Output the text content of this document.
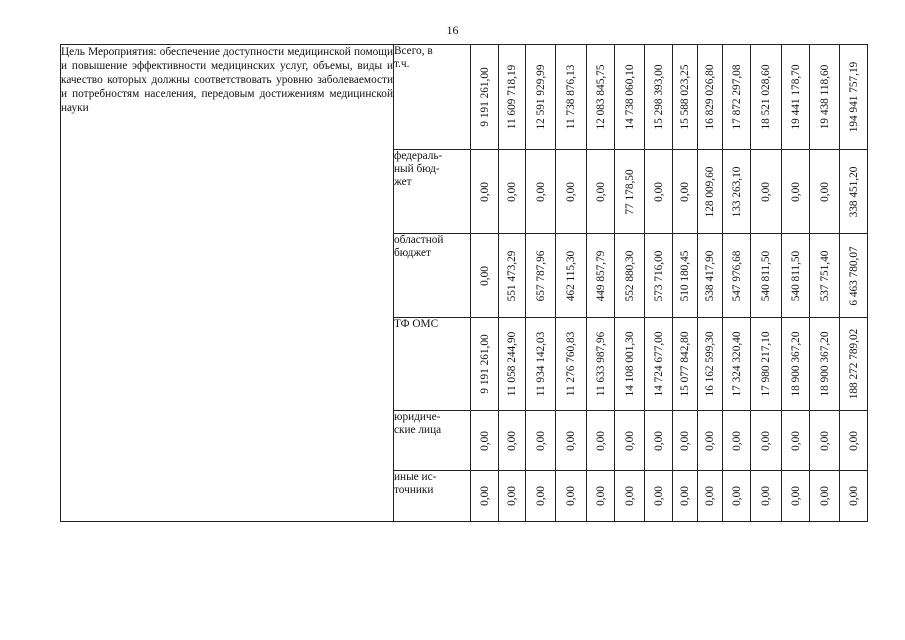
16
Цель Мероприятия: обеспечение доступности медицинской помощи и повышение эффективности медицинских услуг, объемы, виды и качество которых должны соответствовать уровню заболеваемости и потребностям населения, передовым достижениям медицинской науки	Всего, в
т.ч.	9 191 261,00	11 609 718,19	12 591 929,99	11 738 876,13	12 083 845,75	14 738 060,10	15 298 393,00	15 588 023,25	16 829 026,80	17 872 297,08	18 521 028,60	19 441 178,70	19 438 118,60	194 941 757,19

	федераль-
ный бюд-
жет	0,00	0,00	0,00	0,00	0,00	77 178,50	0,00	0,00	128 009,60	133 263,10	0,00	0,00	0,00	338 451,20

	областной
бюджет	0,00	551 473,29	657 787,96	462 115,30	449 857,79	552 880,30	573 716,00	510 180,45	538 417,90	547 976,68	540 811,50	540 811,50	537 751,40	6 463 780,07

	ТФ ОМС	9 191 261,00	11 058 244,90	11 934 142,03	11 276 760,83	11 633 987,96	14 108 001,30	14 724 677,00	15 077 842,80	16 162 599,30	17 324 320,40	17 980 217,10	18 900 367,20	18 900 367,20	188 272 789,02

	юридиче-
ские лица	0,00	0,00	0,00	0,00	0,00	0,00	0,00	0,00	0,00	0,00	0,00	0,00	0,00	0,00

	иные ис-
точники	0,00	0,00	0,00	0,00	0,00	0,00	0,00	0,00	0,00	0,00	0,00	0,00	0,00	0,00
